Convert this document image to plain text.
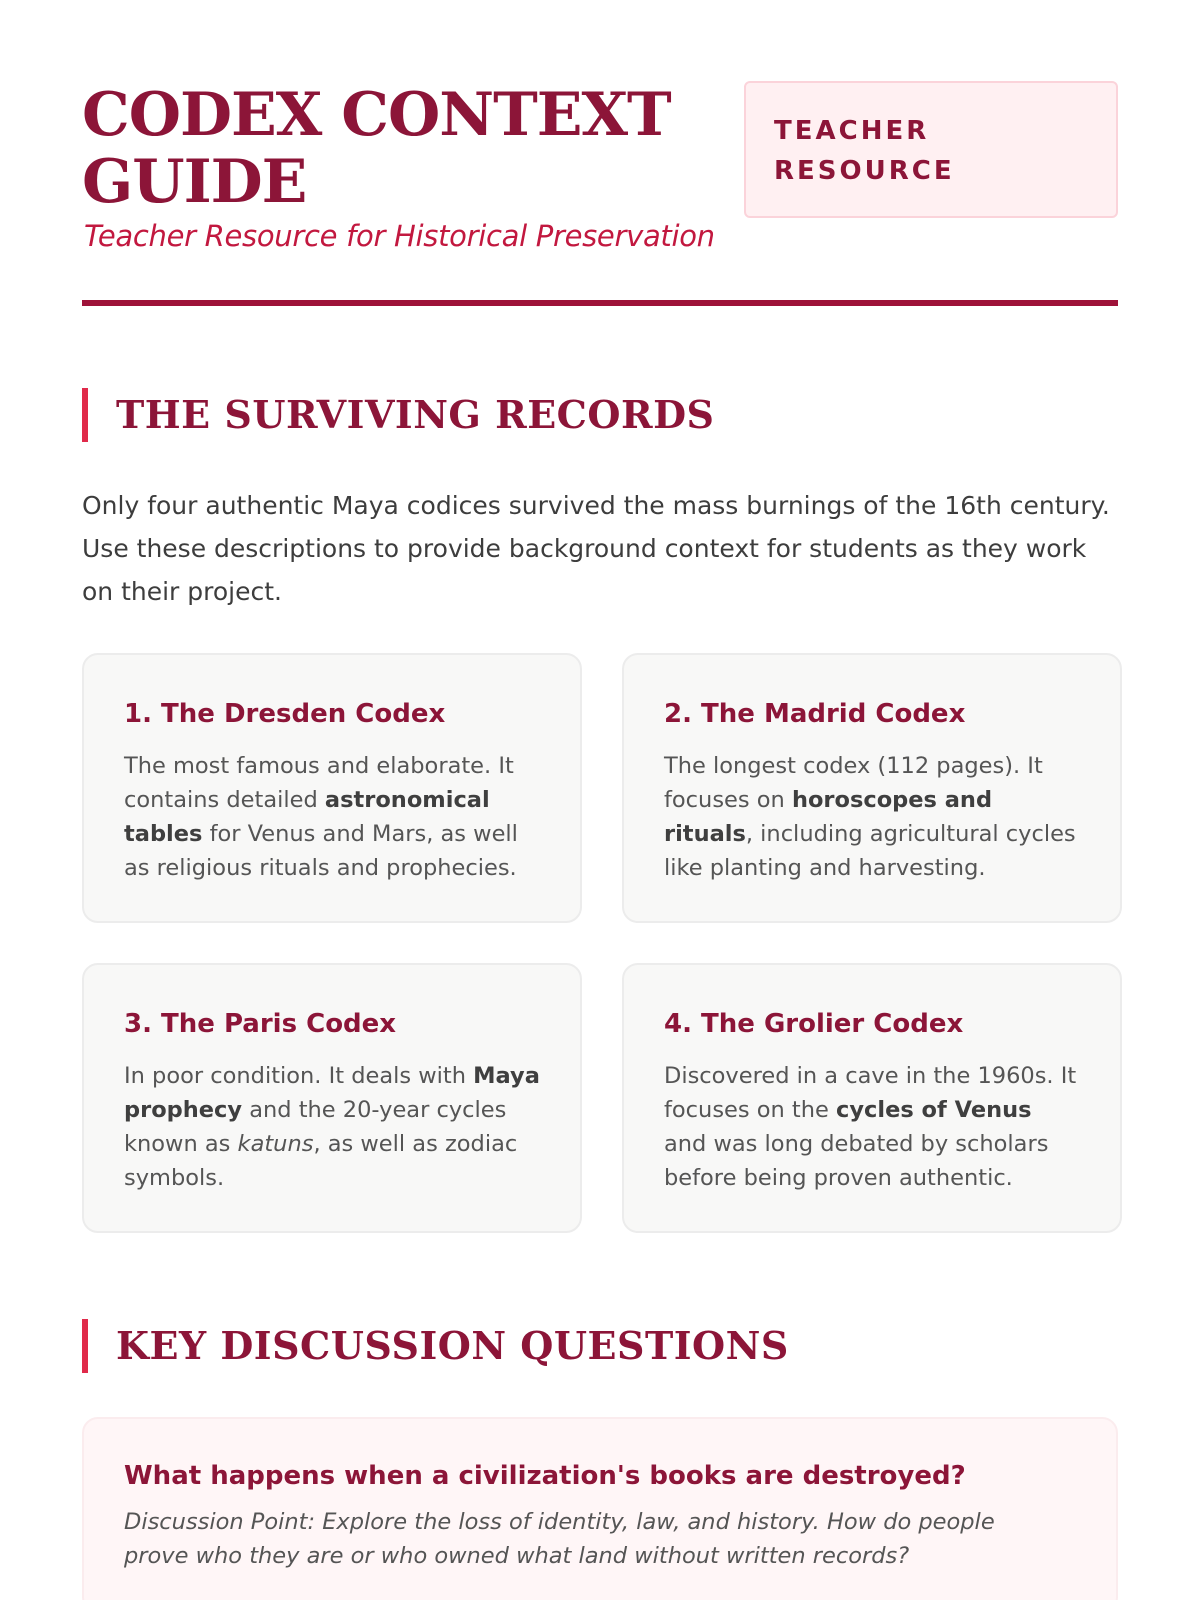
CODEX CONTEXT GUIDE
Teacher Resource for Historical Preservation
TEACHER RESOURCE
THE SURVIVING RECORDS

Only four authentic Maya codices survived the mass burnings of the 16th century. Use these descriptions to provide background context for students as they work on their project.

1. The Dresden Codex

The most famous and elaborate. It contains detailed astronomical tables for Venus and Mars, as well as religious rituals and prophecies.

2. The Madrid Codex

The longest codex (112 pages). It focuses on horoscopes and rituals, including agricultural cycles like planting and harvesting.

3. The Paris Codex

In poor condition. It deals with Maya prophecy and the 20-year cycles known as katuns, as well as zodiac symbols.

4. The Grolier Codex

Discovered in a cave in the 1960s. It focuses on the cycles of Venus and was long debated by scholars before being proven authentic.

KEY DISCUSSION QUESTIONS
What happens when a civilization's books are destroyed?

Discussion Point: Explore the loss of identity, law, and history. How do people prove who they are or who owned what land without written records?
